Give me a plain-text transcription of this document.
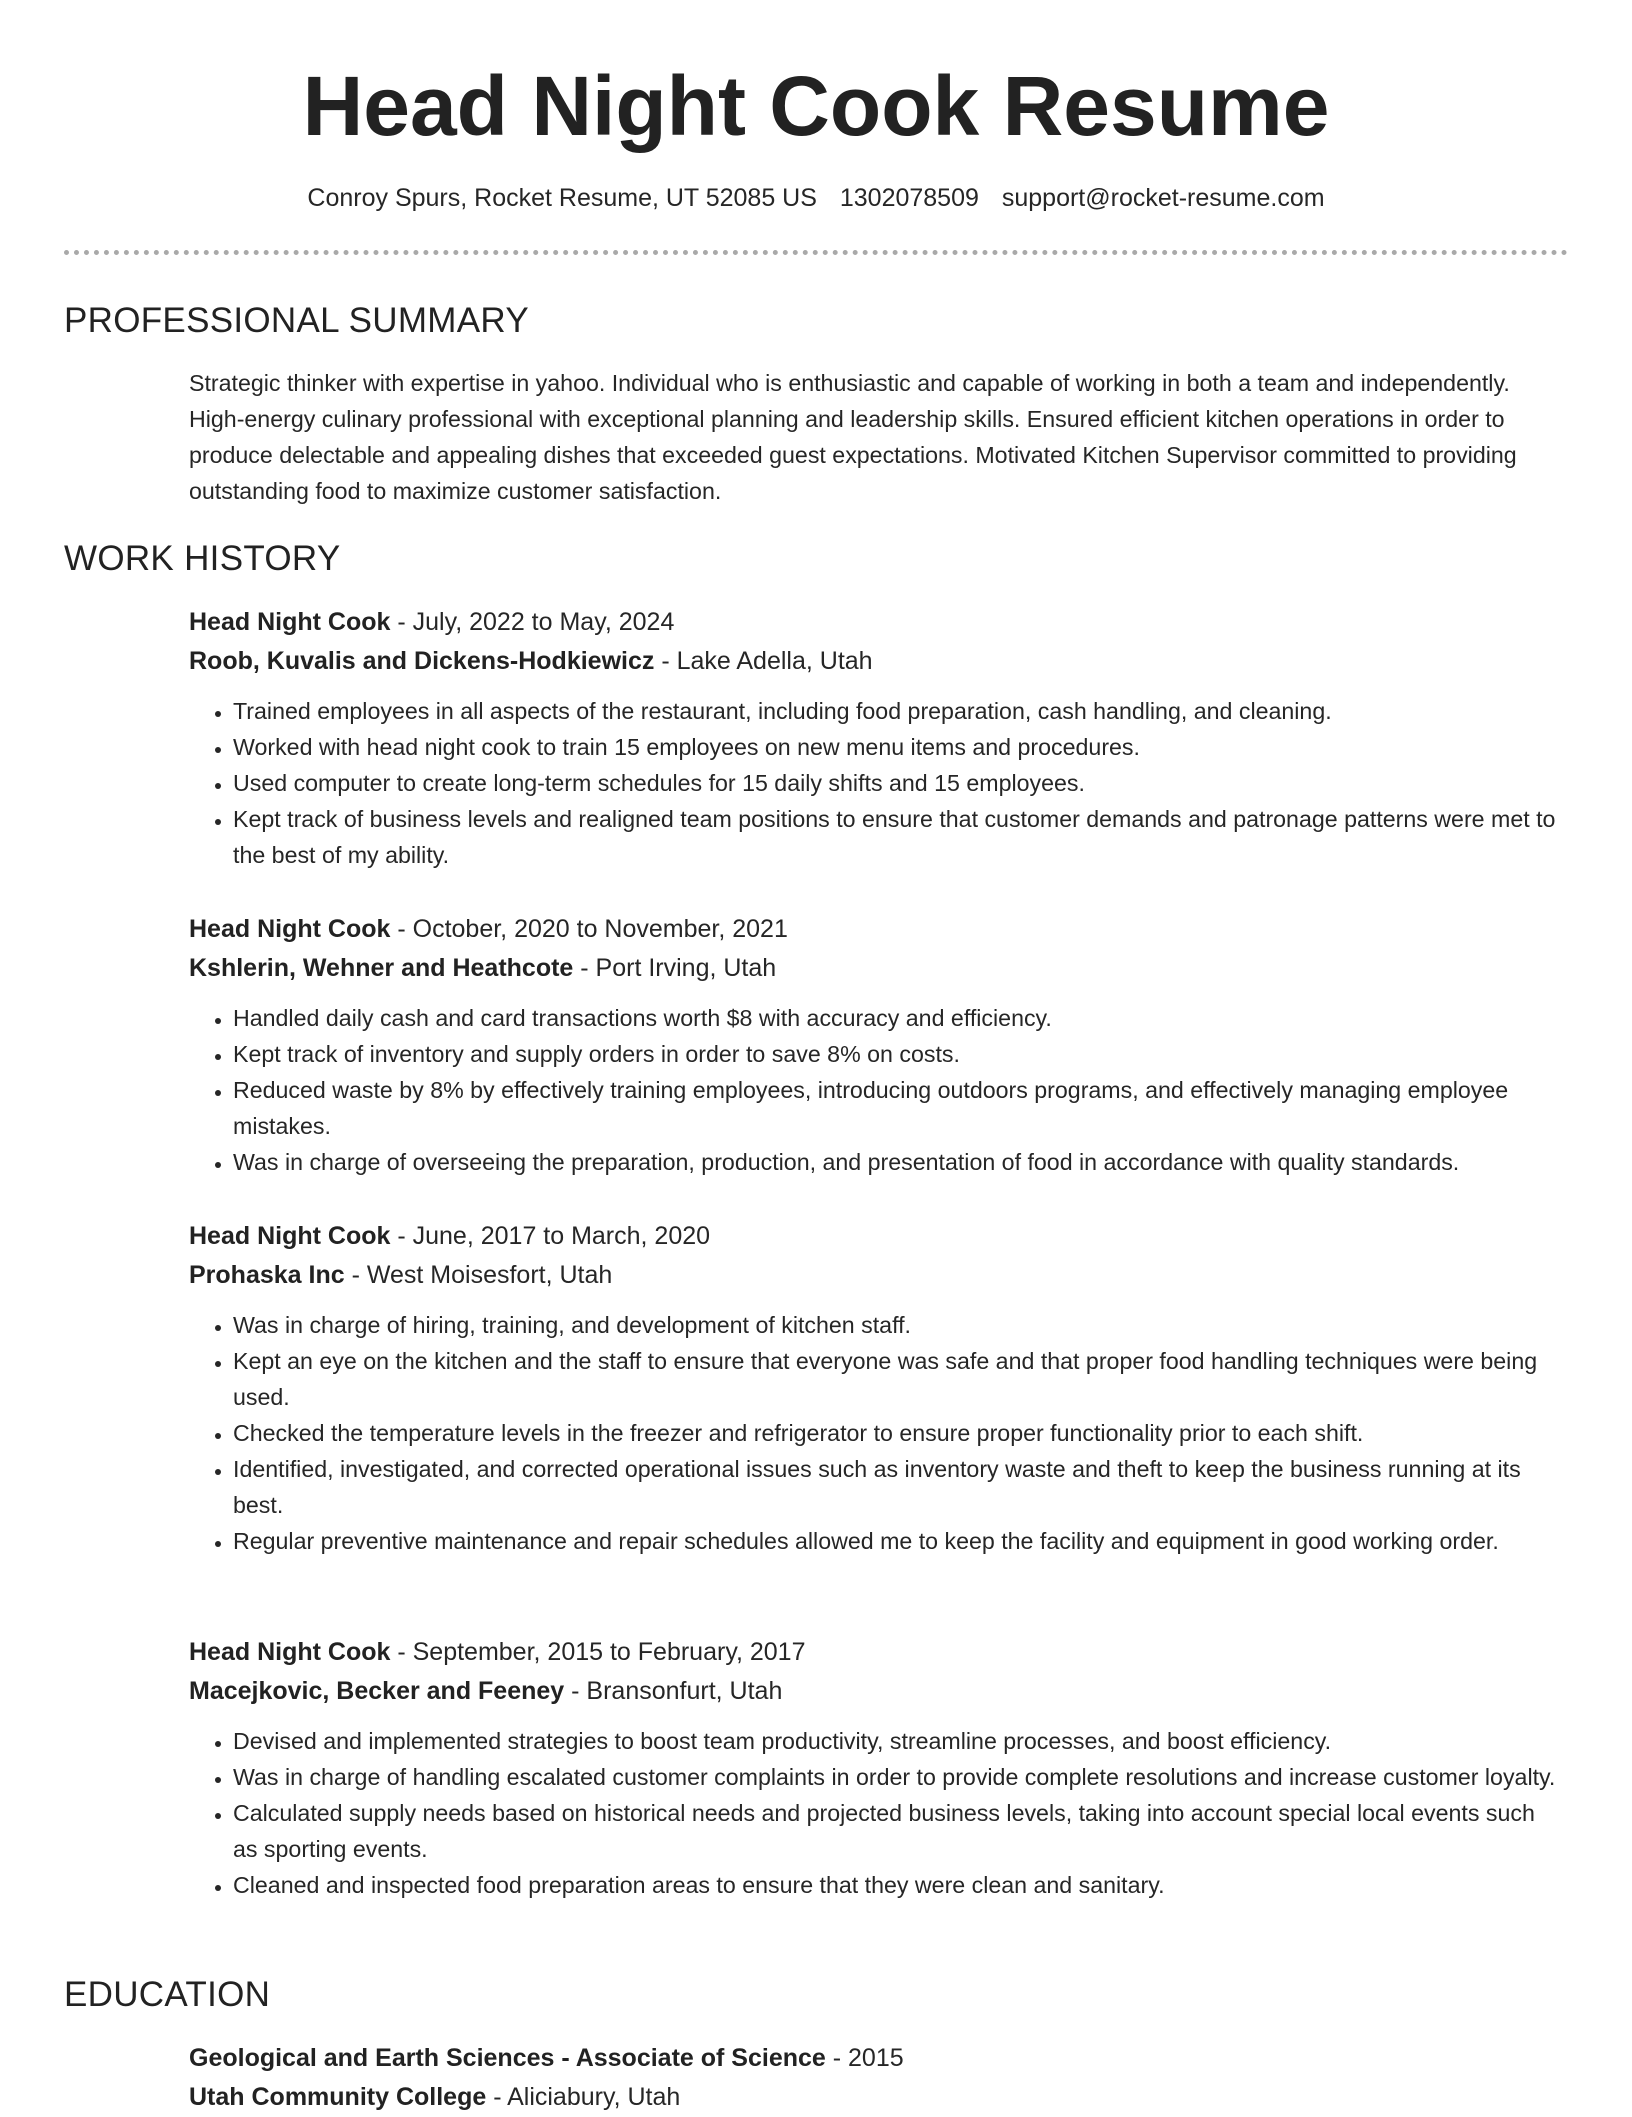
Head Night Cook Resume
Conroy Spurs, Rocket Resume, UT 52085 US 1302078509 support@rocket-resume.com
PROFESSIONAL SUMMARY

Strategic thinker with expertise in yahoo. Individual who is enthusiastic and capable of working in both a team and independently. High-energy culinary professional with exceptional planning and leadership skills. Ensured efficient kitchen operations in order to produce delectable and appealing dishes that exceeded guest expectations. Motivated Kitchen Supervisor committed to providing outstanding food to maximize customer satisfaction.

WORK HISTORY
Head Night Cook - July, 2022 to May, 2024
Roob, Kuvalis and Dickens-Hodkiewicz - Lake Adella, Utah
• Trained employees in all aspects of the restaurant, including food preparation, cash handling, and cleaning.
• Worked with head night cook to train 15 employees on new menu items and procedures.
• Used computer to create long-term schedules for 15 daily shifts and 15 employees.
• Kept track of business levels and realigned team positions to ensure that customer demands and patronage patterns were met to the best of my ability.
Head Night Cook - October, 2020 to November, 2021
Kshlerin, Wehner and Heathcote - Port Irving, Utah
• Handled daily cash and card transactions worth $8 with accuracy and efficiency.
• Kept track of inventory and supply orders in order to save 8% on costs.
• Reduced waste by 8% by effectively training employees, introducing outdoors programs, and effectively managing employee mistakes.
• Was in charge of overseeing the preparation, production, and presentation of food in accordance with quality standards.
Head Night Cook - June, 2017 to March, 2020
Prohaska Inc - West Moisesfort, Utah
• Was in charge of hiring, training, and development of kitchen staff.
• Kept an eye on the kitchen and the staff to ensure that everyone was safe and that proper food handling techniques were being used.
• Checked the temperature levels in the freezer and refrigerator to ensure proper functionality prior to each shift.
• Identified, investigated, and corrected operational issues such as inventory waste and theft to keep the business running at its best.
• Regular preventive maintenance and repair schedules allowed me to keep the facility and equipment in good working order.
Head Night Cook - September, 2015 to February, 2017
Macejkovic, Becker and Feeney - Bransonfurt, Utah
• Devised and implemented strategies to boost team productivity, streamline processes, and boost efficiency.
• Was in charge of handling escalated customer complaints in order to provide complete resolutions and increase customer loyalty.
• Calculated supply needs based on historical needs and projected business levels, taking into account special local events such as sporting events.
• Cleaned and inspected food preparation areas to ensure that they were clean and sanitary.
EDUCATION
Geological and Earth Sciences - Associate of Science - 2015
Utah Community College - Aliciabury, Utah
